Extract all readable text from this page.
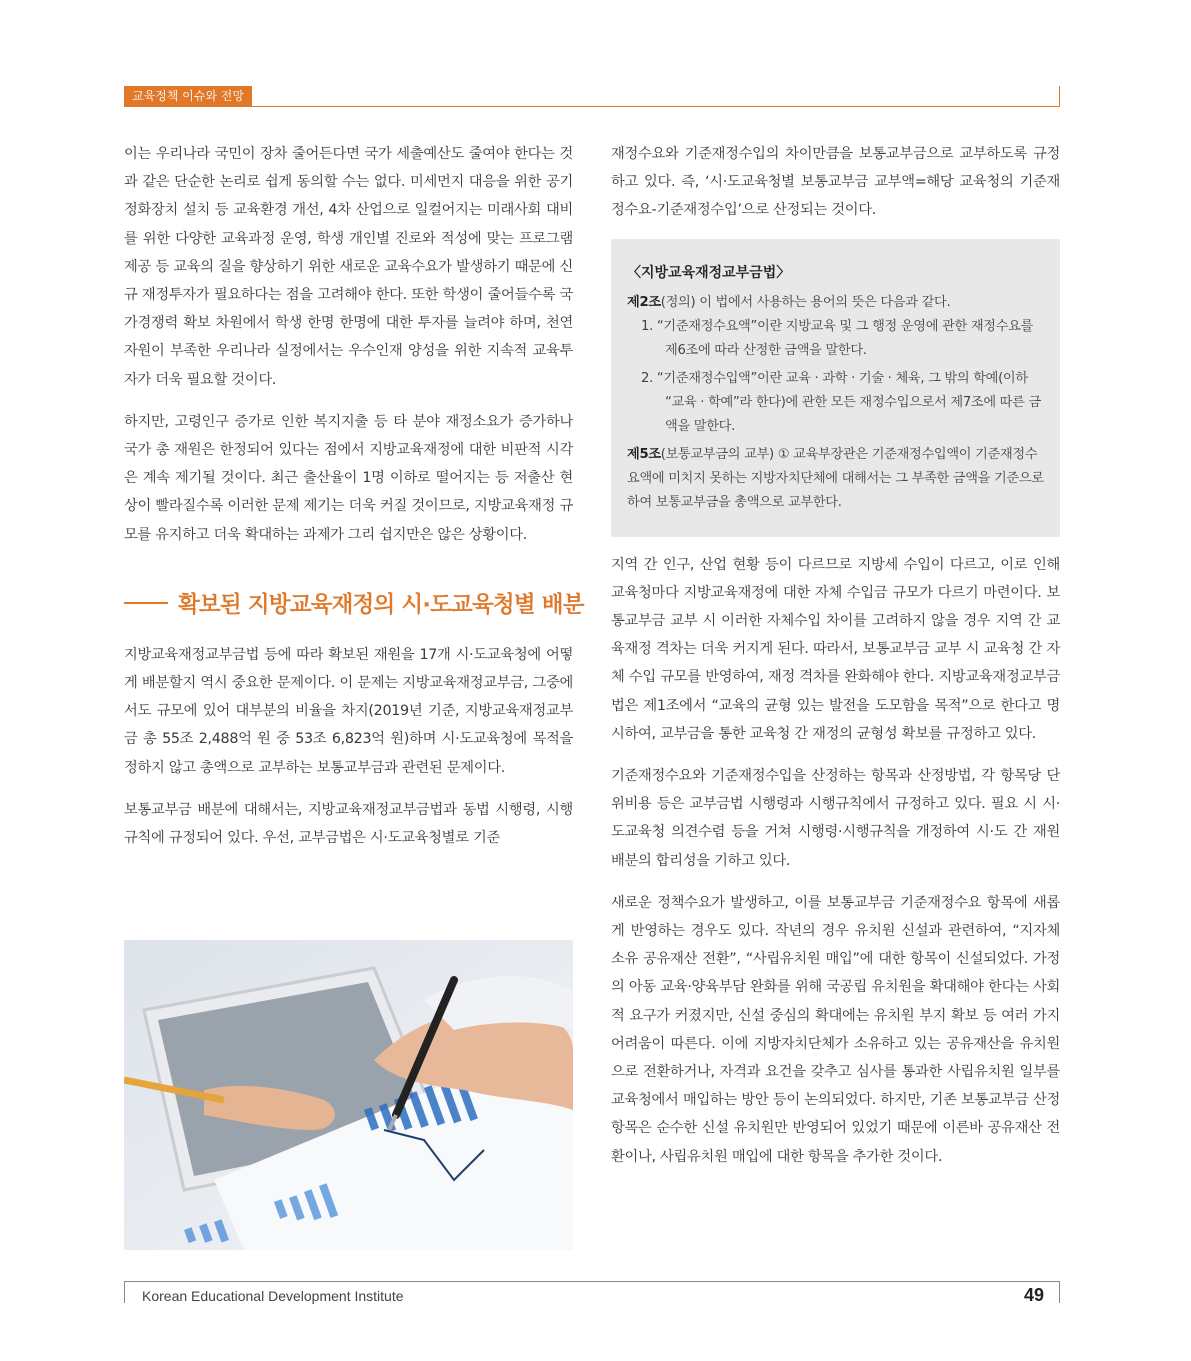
교육정책 이슈와 전망

이는 우리나라 국민이 장차 줄어든다면 국가 세출예산도 줄여야 한다는 것과 같은 단순한 논리로 쉽게 동의할 수는 없다. 미세먼지 대응을 위한 공기 정화장치 설치 등 교육환경 개선, 4차 산업으로 일컬어지는 미래사회 대비를 위한 다양한 교육과정 운영, 학생 개인별 진로와 적성에 맞는 프로그램 제공 등 교육의 질을 향상하기 위한 새로운 교육수요가 발생하기 때문에 신규 재정투자가 필요하다는 점을 고려해야 한다. 또한 학생이 줄어들수록 국가경쟁력 확보 차원에서 학생 한명 한명에 대한 투자를 늘려야 하며, 천연자원이 부족한 우리나라 실정에서는 우수인재 양성을 위한 지속적 교육투자가 더욱 필요할 것이다.

하지만, 고령인구 증가로 인한 복지지출 등 타 분야 재정소요가 증가하나 국가 총 재원은 한정되어 있다는 점에서 지방교육재정에 대한 비판적 시각은 계속 제기될 것이다. 최근 출산율이 1명 이하로 떨어지는 등 저출산 현상이 빨라질수록 이러한 문제 제기는 더욱 커질 것이므로, 지방교육재정 규모를 유지하고 더욱 확대하는 과제가 그리 쉽지만은 않은 상황이다.

확보된 지방교육재정의 시·도교육청별 배분

지방교육재정교부금법 등에 따라 확보된 재원을 17개 시·도교육청에 어떻게 배분할지 역시 중요한 문제이다. 이 문제는 지방교육재정교부금, 그중에서도 규모에 있어 대부분의 비율을 차지(2019년 기준, 지방교육재정교부금 총 55조 2,488억 원 중 53조 6,823억 원)하며 시·도교육청에 목적을 정하지 않고 총액으로 교부하는 보통교부금과 관련된 문제이다.

보통교부금 배분에 대해서는, 지방교육재정교부금법과 동법 시행령, 시행규칙에 규정되어 있다. 우선, 교부금법은 시·도교육청별로 기준

재정수요와 기준재정수입의 차이만큼을 보통교부금으로 교부하도록 규정하고 있다. 즉, ‘시·도교육청별 보통교부금 교부액=해당 교육청의 기준재정수요-기준재정수입’으로 산정되는 것이다.

〈지방교육재정교부금법〉

제2조(정의) 이 법에서 사용하는 용어의 뜻은 다음과 같다.

1. “기준재정수요액”이란 지방교육 및 그 행정 운영에 관한 재정수요를 제6조에 따라 산정한 금액을 말한다.
2. “기준재정수입액”이란 교육 · 과학 · 기술 · 체육, 그 밖의 학예(이하 “교육 · 학예”라 한다)에 관한 모든 재정수입으로서 제7조에 따른 금액을 말한다.

제5조(보통교부금의 교부) ① 교육부장관은 기준재정수입액이 기준재정수요액에 미치지 못하는 지방자치단체에 대해서는 그 부족한 금액을 기준으로 하여 보통교부금을 총액으로 교부한다.

지역 간 인구, 산업 현황 등이 다르므로 지방세 수입이 다르고, 이로 인해 교육청마다 지방교육재정에 대한 자체 수입금 규모가 다르기 마련이다. 보통교부금 교부 시 이러한 자체수입 차이를 고려하지 않을 경우 지역 간 교육재정 격차는 더욱 커지게 된다. 따라서, 보통교부금 교부 시 교육청 간 자체 수입 규모를 반영하여, 재정 격차를 완화해야 한다. 지방교육재정교부금법은 제1조에서 “교육의 균형 있는 발전을 도모함을 목적”으로 한다고 명시하여, 교부금을 통한 교육청 간 재정의 균형성 확보를 규정하고 있다.

기준재정수요와 기준재정수입을 산정하는 항목과 산정방법, 각 항목당 단위비용 등은 교부금법 시행령과 시행규칙에서 규정하고 있다. 필요 시 시·도교육청 의견수렴 등을 거쳐 시행령·시행규칙을 개정하여 시·도 간 재원 배분의 합리성을 기하고 있다.

새로운 정책수요가 발생하고, 이를 보통교부금 기준재정수요 항목에 새롭게 반영하는 경우도 있다. 작년의 경우 유치원 신설과 관련하여, “지자체 소유 공유재산 전환”, “사립유치원 매입”에 대한 항목이 신설되었다. 가정의 아동 교육·양육부담 완화를 위해 국공립 유치원을 확대해야 한다는 사회적 요구가 커졌지만, 신설 중심의 확대에는 유치원 부지 확보 등 여러 가지 어려움이 따른다. 이에 지방자치단체가 소유하고 있는 공유재산을 유치원으로 전환하거나, 자격과 요건을 갖추고 심사를 통과한 사립유치원 일부를 교육청에서 매입하는 방안 등이 논의되었다. 하지만, 기존 보통교부금 산정항목은 순수한 신설 유치원만 반영되어 있었기 때문에 이른바 공유재산 전환이나, 사립유치원 매입에 대한 항목을 추가한 것이다.

Korean Educational Development Institute	49
